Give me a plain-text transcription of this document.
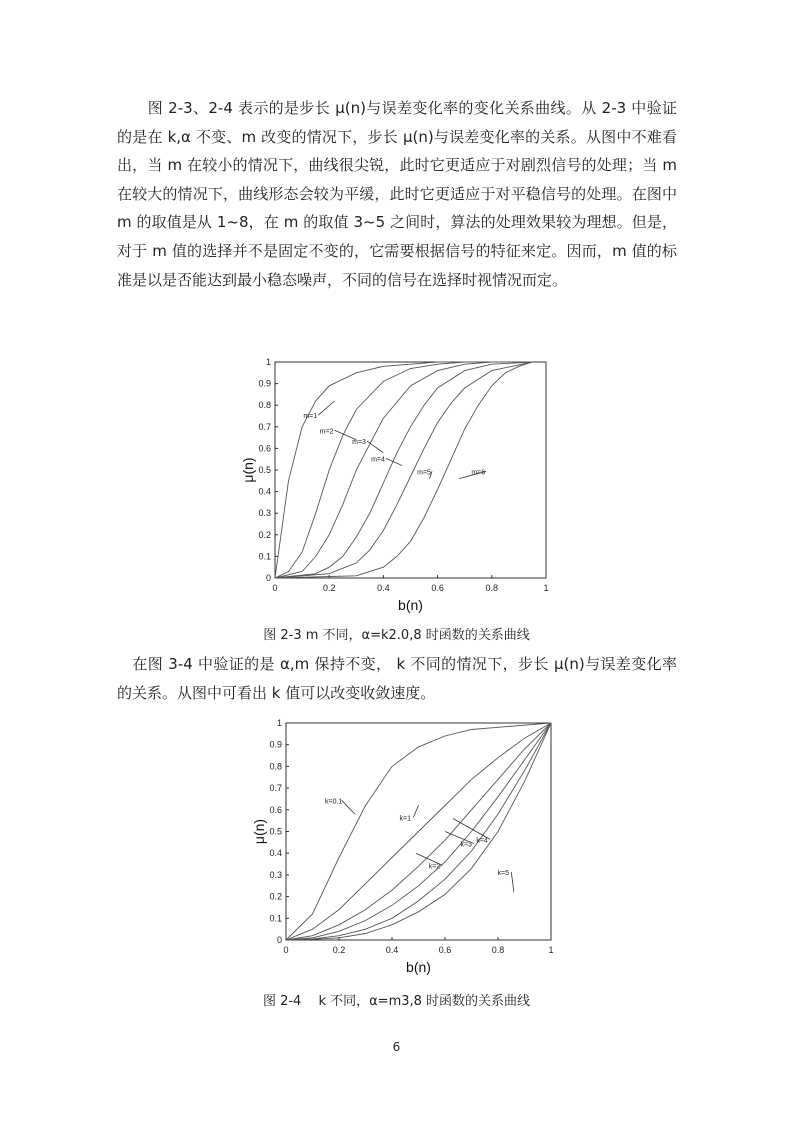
　　图 2-3、2-4 表示的是步长 μ(n)与误差变化率的变化关系曲线。从 2-3 中验证的是在 k,α 不变、m 改变的情况下，步长 μ(n)与误差变化率的关系。从图中不难看出，当 m 在较小的情况下，曲线很尖锐，此时它更适应于对剧烈信号的处理；当 m 在较大的情况下，曲线形态会较为平缓，此时它更适应于对平稳信号的处理。在图中 m 的取值是从 1~8，在 m 的取值 3~5 之间时，算法的处理效果较为理想。但是，对于 m 值的选择并不是固定不变的，它需要根据信号的特征来定。因而，m 值的标准是以是否能达到最小稳态噪声，不同的信号在选择时视情况而定。

0	0.2	0.4	0.6	0.8	1
0
0.1
0.2
0.3
0.4
0.5
0.6
0.7
0.8
0.9
1
b(n)
μ(n)
m=1
m=2
m=3
m=4
m=5	m=6
图 2-3 m 不同，α=k2.0,8 时函数的关系曲线

　在图 3-4 中验证的是 α,m 保持不变， k 不同的情况下，步长 μ(n)与误差变化率的关系。从图中可看出 k 值可以改变收敛速度。

0	0.2	0.4	0.6	0.8	1
0
0.1
0.2
0.3
0.4
0.5
0.6
0.7
0.8
0.9
1
b(n)
μ(n)
k=0.1
k=1
k=2
k=3
k=4
k=5
图 2-4 　k 不同，α=m3,8 时函数的关系曲线
6
